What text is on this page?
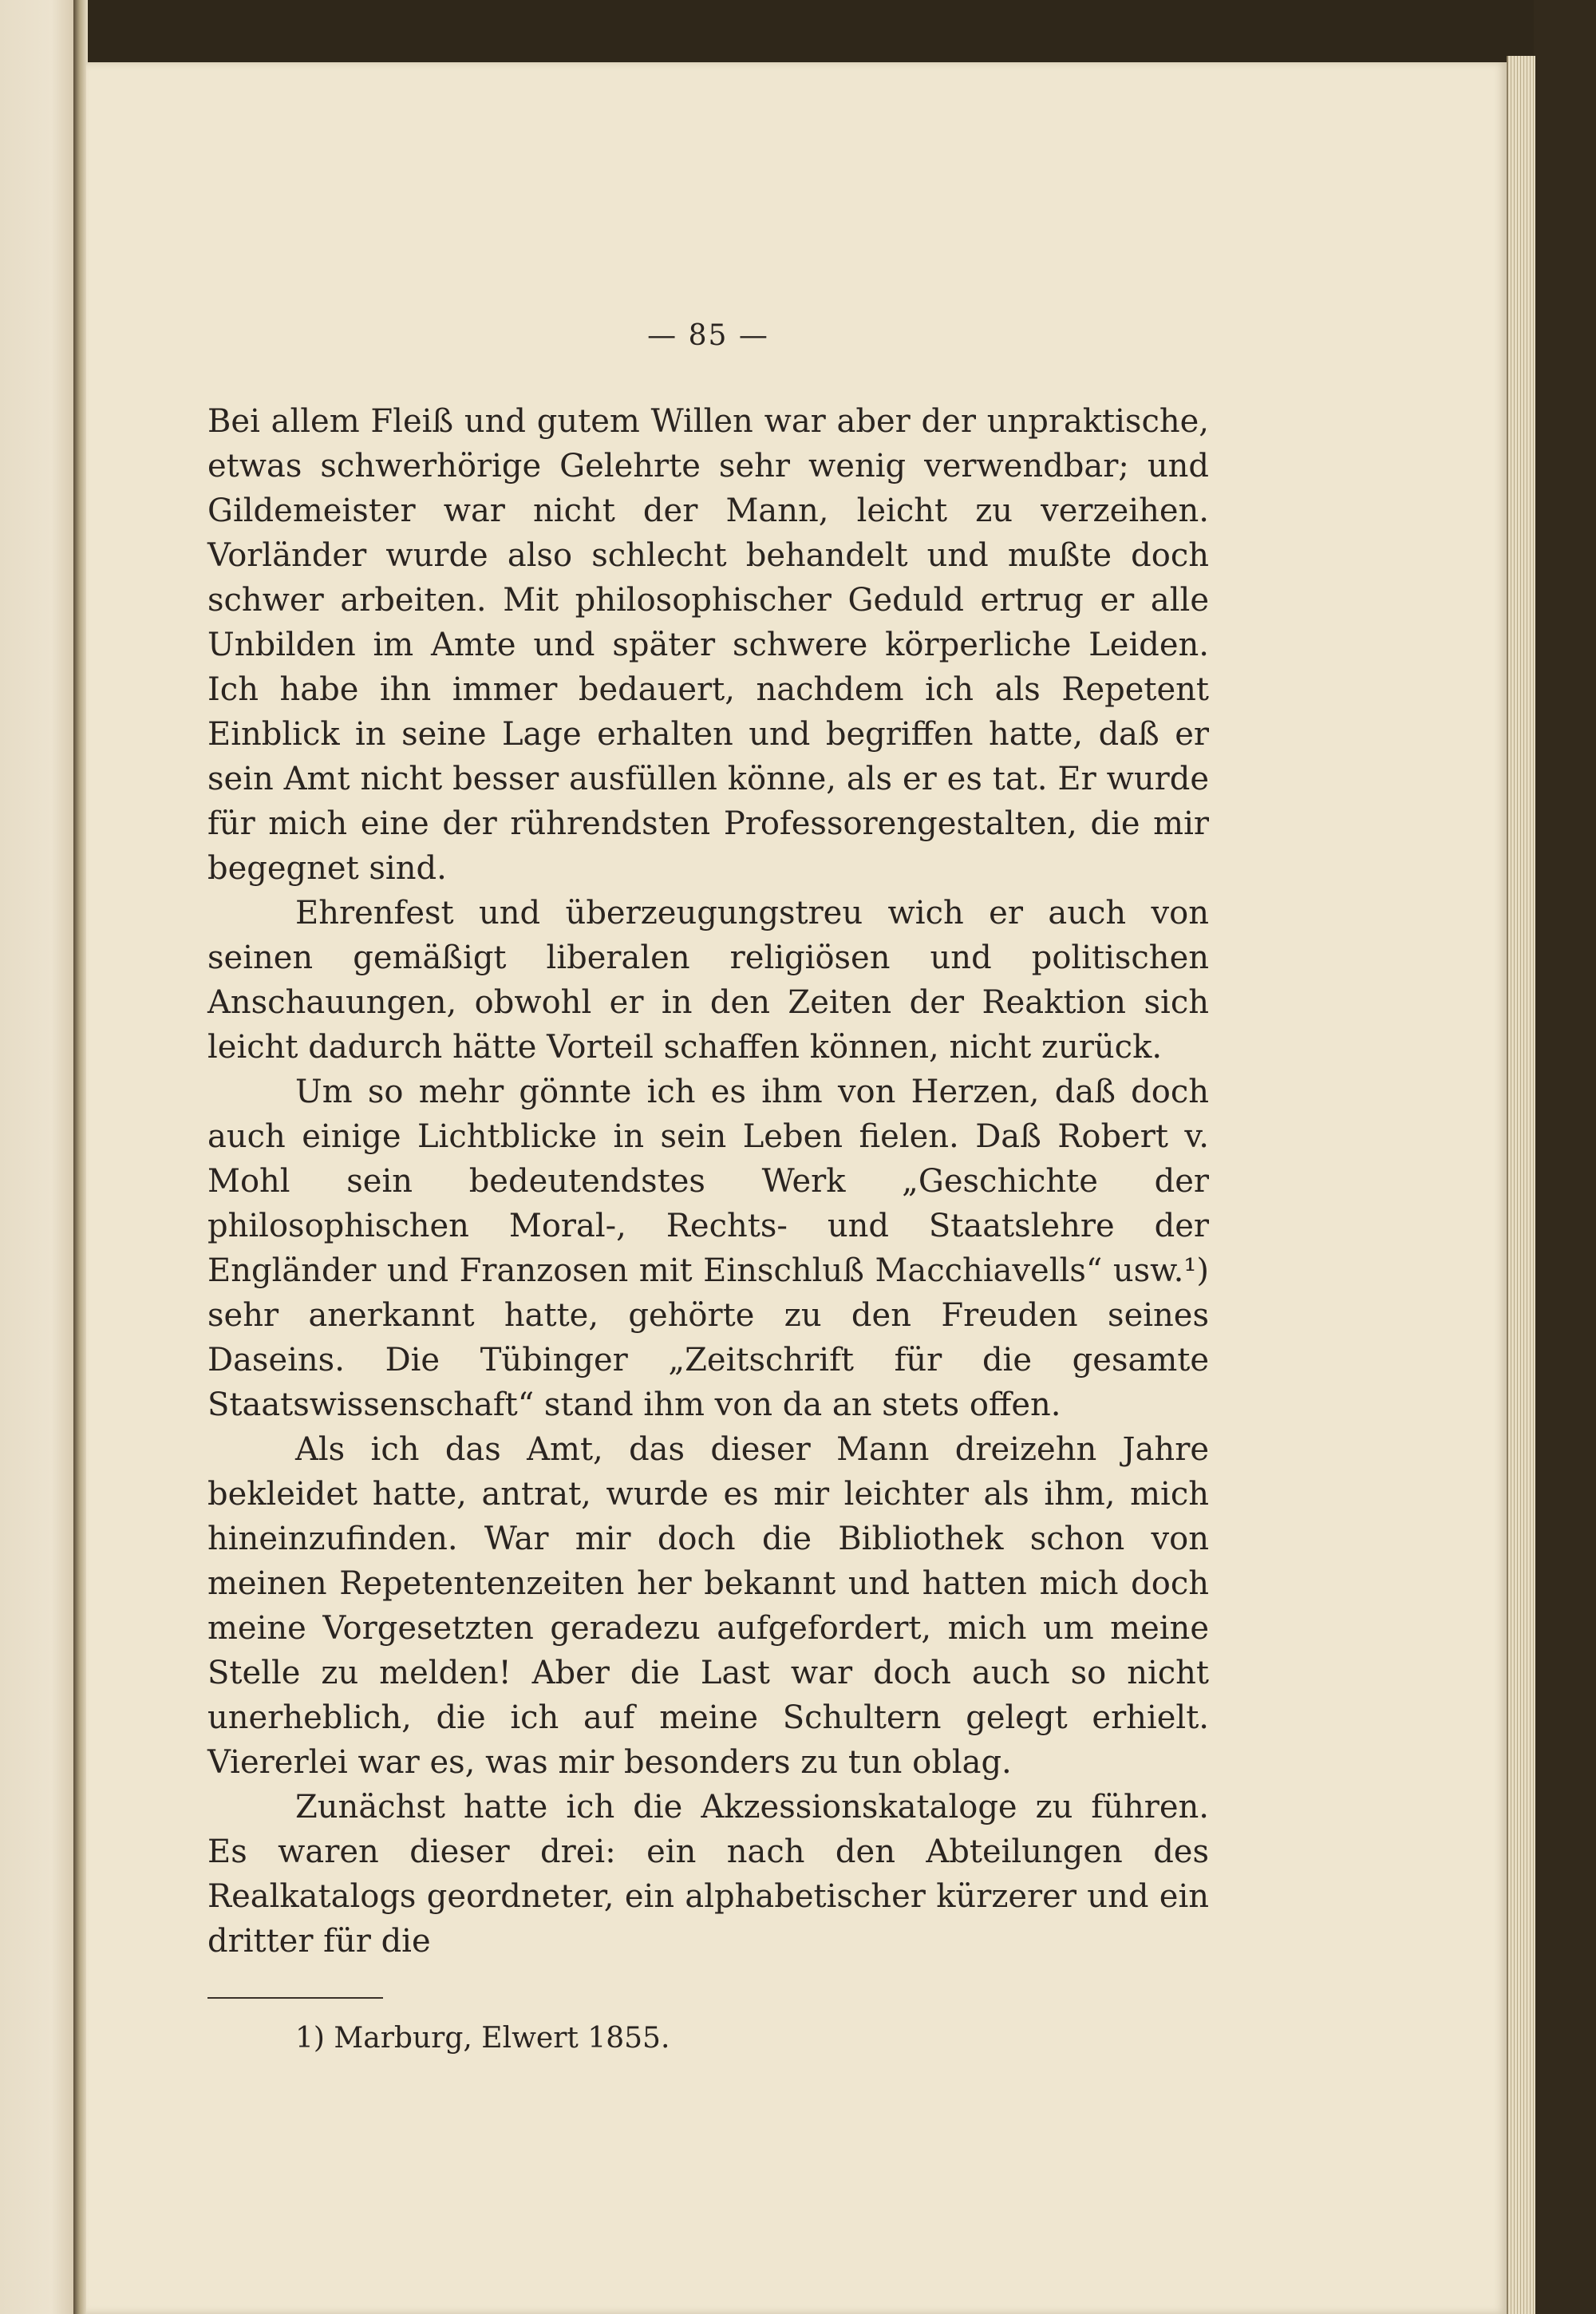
— 85 —

Bei allem Fleiß und gutem Willen war aber der unpraktische, etwas schwerhörige Gelehrte sehr wenig verwendbar; und Gildemeister war nicht der Mann, leicht zu verzeihen. Vorländer wurde also schlecht behandelt und mußte doch schwer arbeiten. Mit philosophischer Geduld ertrug er alle Unbilden im Amte und später schwere körperliche Leiden. Ich habe ihn immer bedauert, nachdem ich als Repetent Einblick in seine Lage erhalten und begriffen hatte, daß er sein Amt nicht besser ausfüllen könne, als er es tat. Er wurde für mich eine der rührendsten Professorengestalten, die mir begegnet sind.

Ehrenfest und überzeugungstreu wich er auch von seinen gemäßigt liberalen religiösen und politischen Anschauungen, obwohl er in den Zeiten der Reaktion sich leicht dadurch hätte Vorteil schaffen können, nicht zurück.

Um so mehr gönnte ich es ihm von Herzen, daß doch auch einige Lichtblicke in sein Leben fielen. Daß Robert v. Mohl sein bedeutendstes Werk „Geschichte der philosophischen Moral-, Rechts- und Staatslehre der Engländer und Franzosen mit Einschluß Macchiavells“ usw.¹) sehr anerkannt hatte, gehörte zu den Freuden seines Daseins. Die Tübinger „Zeitschrift für die gesamte Staatswissenschaft“ stand ihm von da an stets offen.

Als ich das Amt, das dieser Mann dreizehn Jahre bekleidet hatte, antrat, wurde es mir leichter als ihm, mich hineinzufinden. War mir doch die Bibliothek schon von meinen Repetentenzeiten her bekannt und hatten mich doch meine Vorgesetzten geradezu aufgefordert, mich um meine Stelle zu melden! Aber die Last war doch auch so nicht unerheblich, die ich auf meine Schultern gelegt erhielt. Viererlei war es, was mir besonders zu tun oblag.

Zunächst hatte ich die Akzessionskataloge zu führen. Es waren dieser drei: ein nach den Abteilungen des Realkatalogs geordneter, ein alphabetischer kürzerer und ein dritter für die

1) Marburg, Elwert 1855.
